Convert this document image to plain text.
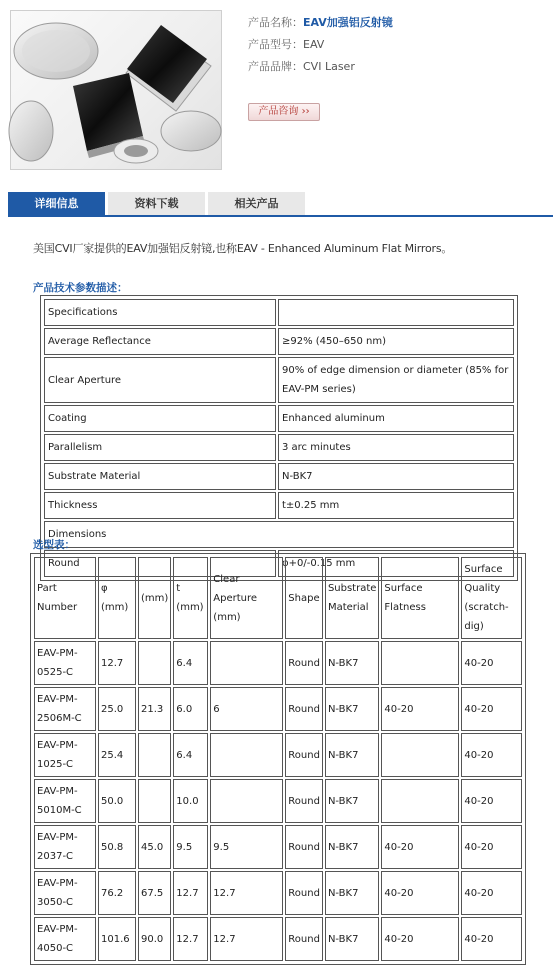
产品名称：EAV加强铝反射镜
产品型号：EAV
产品品牌：CVI Laser
产品咨询 ››
详细信息	资料下载	相关产品
美国CVI厂家提供的EAV加强铝反射镜,也称EAV - Enhanced Aluminum Flat Mirrors。
产品技术参数描述：
Specifications	
Average Reflectance	≥92% (450–650 nm)
Clear Aperture	90% of edge dimension or diameter (85% for EAV-PM series)
Coating	Enhanced aluminum
Parallelism	3 arc minutes
Substrate Material	N-BK7
Thickness	t±0.25 mm
Dimensions	
Round	φ+0/-0.15 mm
选型表：
Part Number	φ (mm)	(mm)	t (mm)	Clear Aperture (mm)	Shape	Substrate Material	Surface Flatness	Surface Quality (scratch-dig)
EAV-PM-0525-C	12.7		6.4		Round	N-BK7		40-20
EAV-PM-2506M-C	25.0	21.3	6.0	6	Round	N-BK7	40-20	40-20
EAV-PM-1025-C	25.4		6.4		Round	N-BK7		40-20
EAV-PM-5010M-C	50.0		10.0		Round	N-BK7		40-20
EAV-PM-2037-C	50.8	45.0	9.5	9.5	Round	N-BK7	40-20	40-20
EAV-PM-3050-C	76.2	67.5	12.7	12.7	Round	N-BK7	40-20	40-20
EAV-PM-4050-C	101.6	90.0	12.7	12.7	Round	N-BK7	40-20	40-20
